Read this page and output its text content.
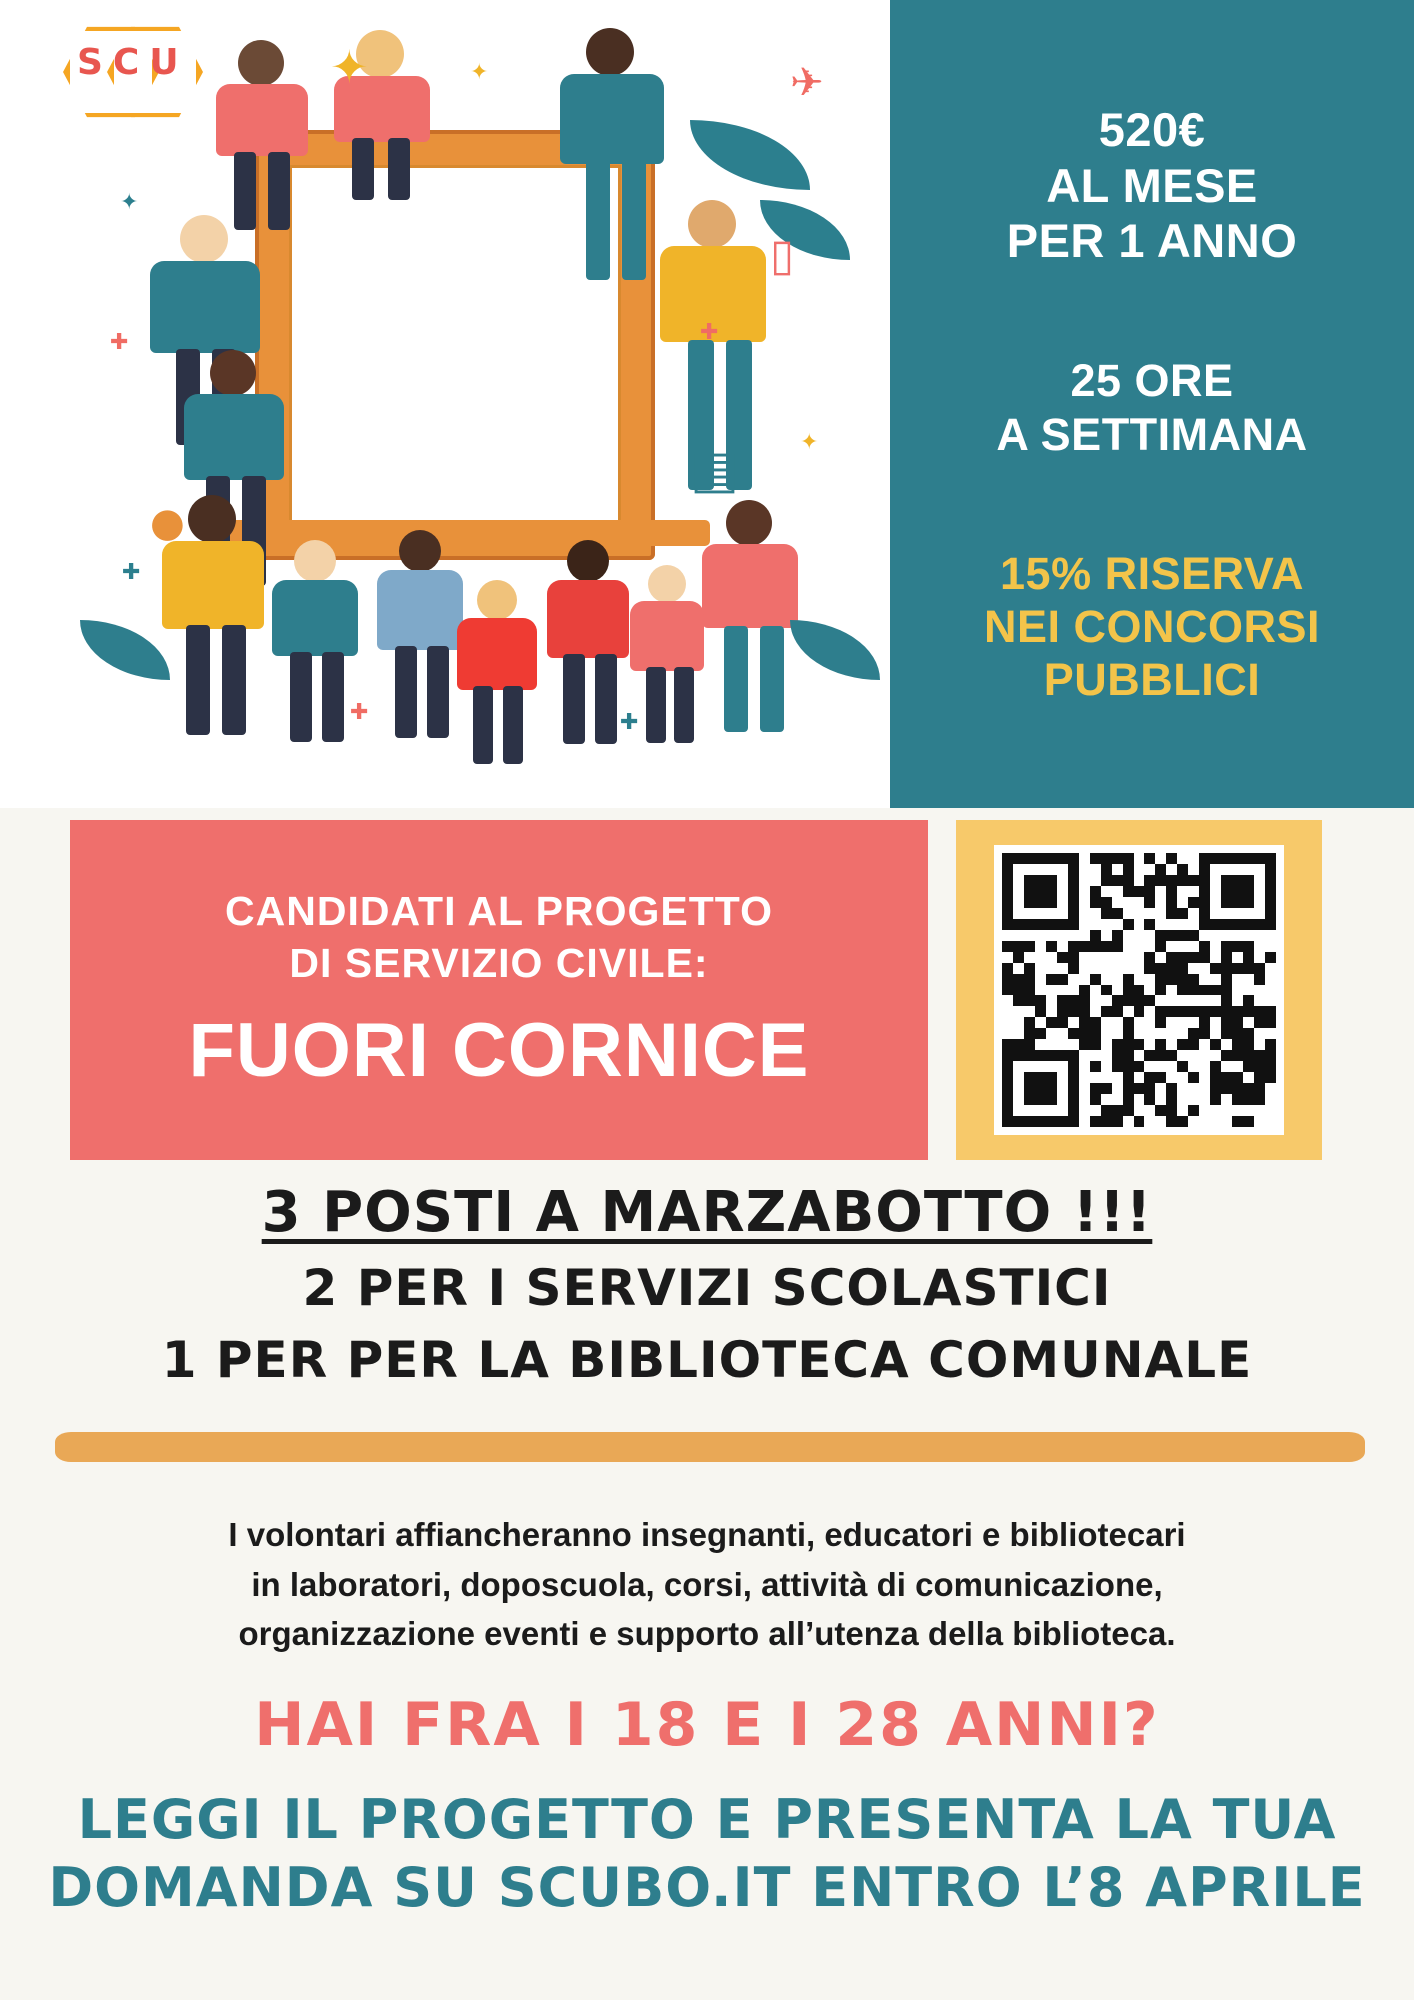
SCU	✦	✦
✦
✚
✚
✚
✦
✚	✚
✈
▯
▤
●
520€
AL MESE
PER 1 ANNO
25 ORE
A SETTIMANA
15% RISERVA
NEI CONCORSI
PUBBLICI
CANDIDATI AL PROGETTO
DI SERVIZIO CIVILE:
FUORI CORNICE
3 POSTI A MARZABOTTO !!!
2 PER I SERVIZI SCOLASTICI
1 PER PER LA BIBLIOTECA COMUNALE
I volontari affiancheranno insegnanti, educatori e bibliotecari
in laboratori, doposcuola, corsi, attività di comunicazione,
organizzazione eventi e supporto all’utenza della biblioteca.
HAI FRA I 18 E I 28 ANNI?
LEGGI IL PROGETTO E PRESENTA LA TUA
DOMANDA SU SCUBO.IT ENTRO L’8 APRILE
